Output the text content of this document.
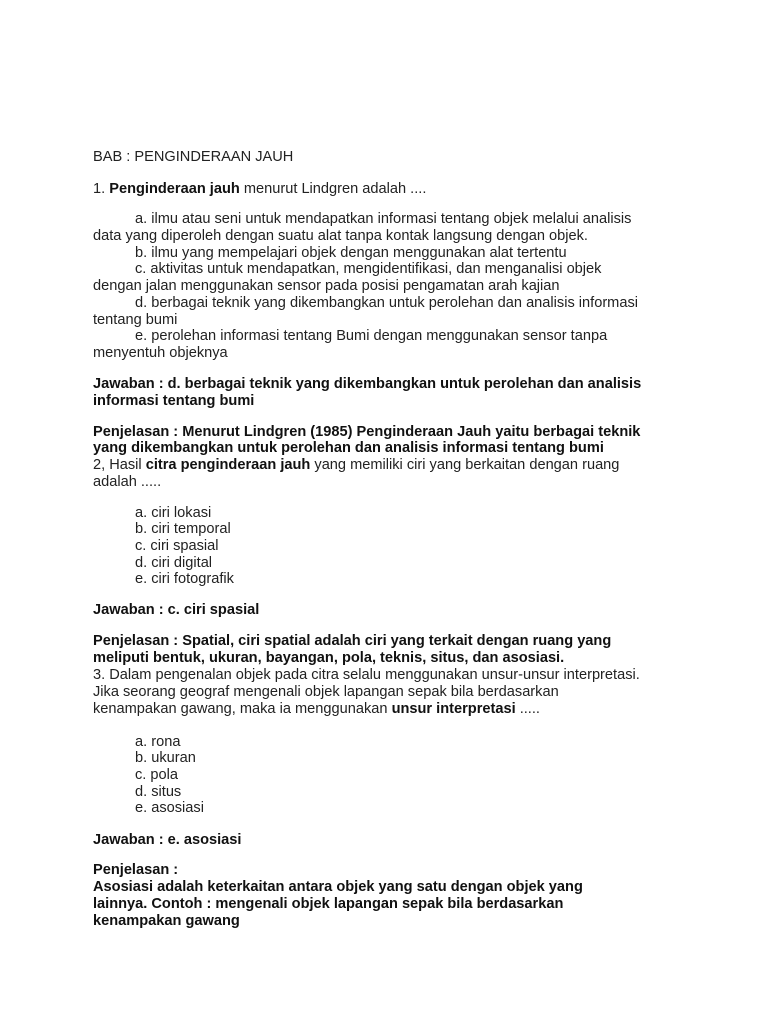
BAB : PENGINDERAAN JAUH
1. Penginderaan jauh menurut Lindgren adalah ....
a. ilmu atau seni untuk mendapatkan informasi tentang objek melalui analisis
data yang diperoleh dengan suatu alat tanpa kontak langsung dengan objek.
b. ilmu yang mempelajari objek dengan menggunakan alat tertentu
c. aktivitas untuk mendapatkan, mengidentifikasi, dan menganalisi objek
dengan jalan menggunakan sensor pada posisi pengamatan arah kajian
d. berbagai teknik yang dikembangkan untuk perolehan dan analisis informasi
tentang bumi
e. perolehan informasi tentang Bumi dengan menggunakan sensor tanpa
menyentuh objeknya
Jawaban : d. berbagai teknik yang dikembangkan untuk perolehan dan analisis
informasi tentang bumi
Penjelasan : Menurut Lindgren (1985) Penginderaan Jauh yaitu berbagai teknik
yang dikembangkan untuk perolehan dan analisis informasi tentang bumi
2, Hasil citra penginderaan jauh yang memiliki ciri yang berkaitan dengan ruang
adalah .....
a. ciri lokasi
b. ciri temporal
c. ciri spasial
d. ciri digital
e. ciri fotografik
Jawaban : c. ciri spasial
Penjelasan : Spatial, ciri spatial adalah ciri yang terkait dengan ruang yang
meliputi bentuk, ukuran, bayangan, pola, teknis, situs, dan asosiasi.
3. Dalam pengenalan objek pada citra selalu menggunakan unsur-unsur interpretasi.
Jika seorang geograf mengenali objek lapangan sepak bila berdasarkan
kenampakan gawang, maka ia menggunakan unsur interpretasi .....
a. rona
b. ukuran
c. pola
d. situs
e. asosiasi
Jawaban : e. asosiasi
Penjelasan :
Asosiasi adalah keterkaitan antara objek yang satu dengan objek yang
lainnya. Contoh : mengenali objek lapangan sepak bila berdasarkan
kenampakan gawang
